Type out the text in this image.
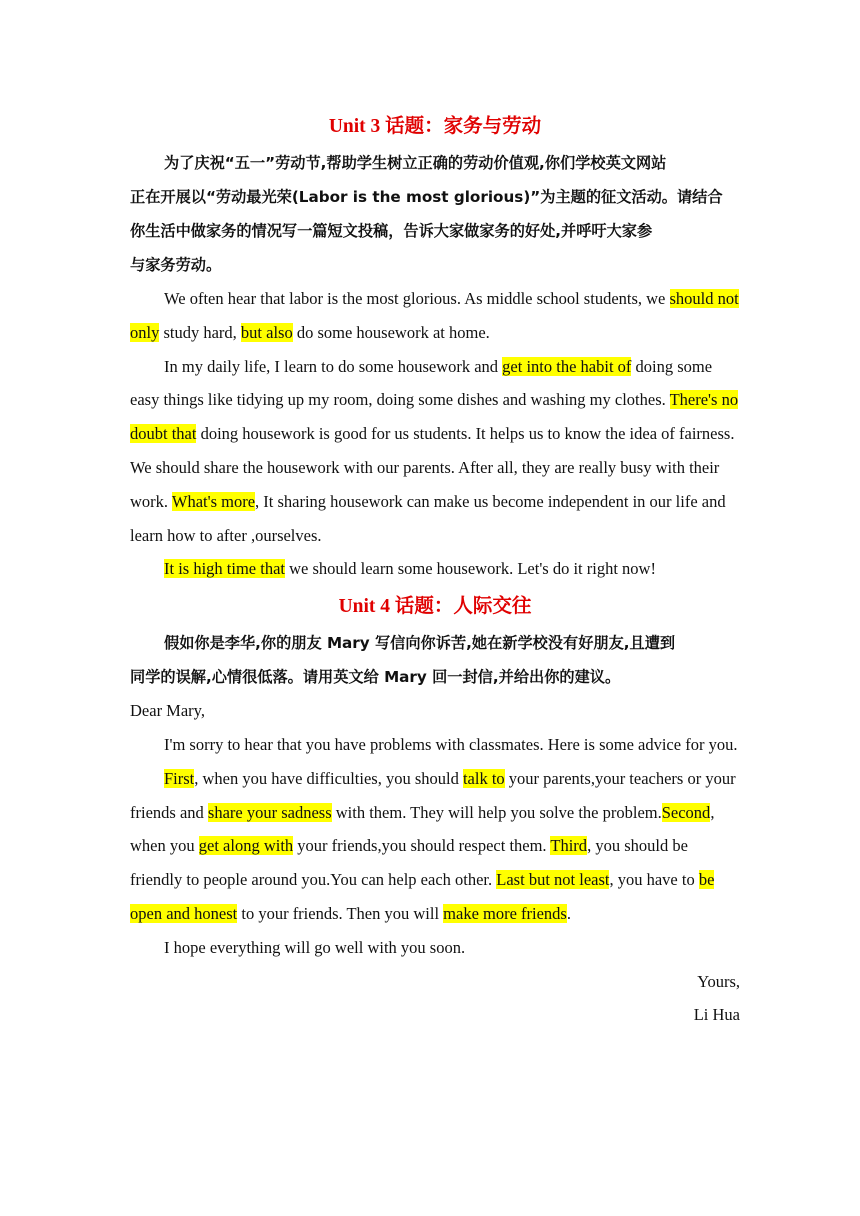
Unit 3 话题：家务与劳动

为了庆祝“五一”劳动节,帮助学生树立正确的劳动价值观,你们学校英文网站
正在开展以“劳动最光荣(Labor is the most glorious)”为主题的征文活动。请结合
你生活中做家务的情况写一篇短文投稿，告诉大家做家务的好处,并呼吁大家参
与家务劳动。

We often hear that labor is the most glorious. As middle school students, we should not only study hard, but also do some housework at home.

In my daily life, I learn to do some housework and get into the habit of doing some easy things like tidying up my room, doing some dishes and washing my clothes. There's no doubt that doing housework is good for us students. It helps us to know the idea of fairness. We should share the housework with our parents. After all, they are really busy with their work. What's more, It sharing housework can make us become independent in our life and learn how to after ,ourselves.

It is high time that we should learn some housework. Let's do it right now!

Unit 4 话题：人际交往

假如你是李华,你的朋友 Mary 写信向你诉苦,她在新学校没有好朋友,且遭到
同学的误解,心情很低落。请用英文给 Mary 回一封信,并给出你的建议。

Dear Mary,

I'm sorry to hear that you have problems with classmates. Here is some advice for you.

First, when you have difficulties, you should talk to your parents,your teachers or your friends and share your sadness with them. They will help you solve the problem.Second, when you get along with your friends,you should respect them. Third, you should be friendly to people around you.You can help each other. Last but not least, you have to be open and honest to your friends. Then you will make more friends.

I hope everything will go well with you soon.

Yours,

Li Hua
